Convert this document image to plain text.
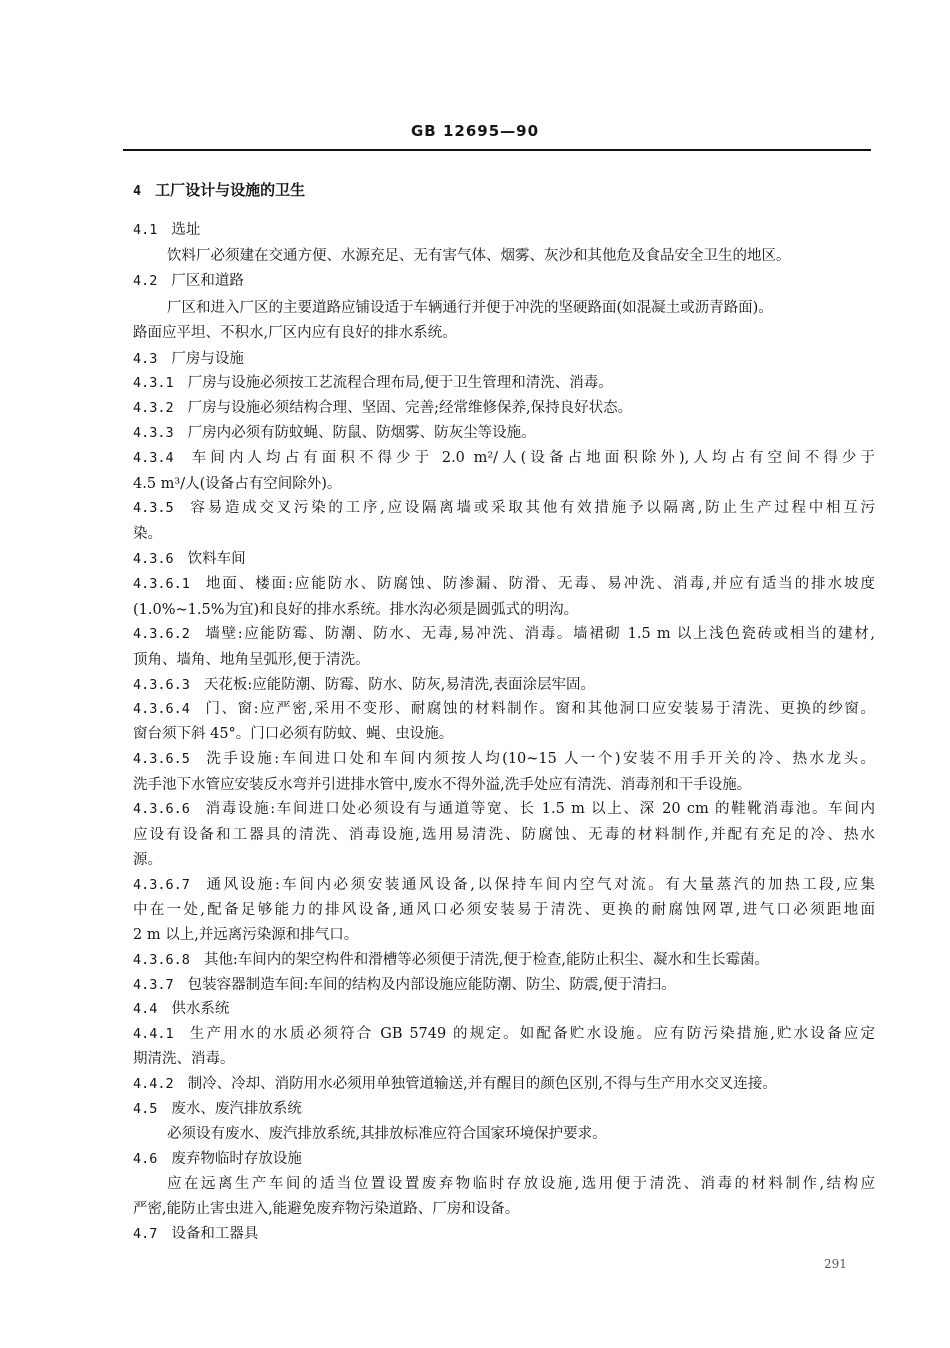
GB 12695—90
4 工厂设计与设施的卫生
4.1 选址
饮料厂必须建在交通方便、水源充足、无有害气体、烟雾、灰沙和其他危及食品安全卫生的地区。
4.2 厂区和道路
厂区和进入厂区的主要道路应铺设适于车辆通行并便于冲洗的坚硬路面(如混凝土或沥青路面)。
路面应平坦、不积水,厂区内应有良好的排水系统。
4.3 厂房与设施
4.3.1 厂房与设施必须按工艺流程合理布局,便于卫生管理和清洗、消毒。
4.3.2 厂房与设施必须结构合理、坚固、完善;经常维修保养,保持良好状态。
4.3.3 厂房内必须有防蚊蝇、防鼠、防烟雾、防灰尘等设施。
4.3.4 车间内人均占有面积不得少于 2.0 m²/人(设备占地面积除外),人均占有空间不得少于
4.5 m³/人(设备占有空间除外)。
4.3.5 容易造成交叉污染的工序,应设隔离墙或采取其他有效措施予以隔离,防止生产过程中相互污
染。
4.3.6 饮料车间
4.3.6.1 地面、楼面:应能防水、防腐蚀、防渗漏、防滑、无毒、易冲洗、消毒,并应有适当的排水坡度
(1.0%~1.5%为宜)和良好的排水系统。排水沟必须是圆弧式的明沟。
4.3.6.2 墙壁:应能防霉、防潮、防水、无毒,易冲洗、消毒。墙裙砌 1.5 m 以上浅色瓷砖或相当的建材,
顶角、墙角、地角呈弧形,便于清洗。
4.3.6.3 天花板:应能防潮、防霉、防水、防灰,易清洗,表面涂层牢固。
4.3.6.4 门、窗:应严密,采用不变形、耐腐蚀的材料制作。窗和其他洞口应安装易于清洗、更换的纱窗。
窗台须下斜 45°。门口必须有防蚊、蝇、虫设施。
4.3.6.5 洗手设施:车间进口处和车间内须按人均(10~15 人一个)安装不用手开关的冷、热水龙头。
洗手池下水管应安装反水弯并引进排水管中,废水不得外溢,洗手处应有清洗、消毒剂和干手设施。
4.3.6.6 消毒设施:车间进口处必须设有与通道等宽、长 1.5 m 以上、深 20 cm 的鞋靴消毒池。车间内
应设有设备和工器具的清洗、消毒设施,选用易清洗、防腐蚀、无毒的材料制作,并配有充足的冷、热水
源。
4.3.6.7 通风设施:车间内必须安装通风设备,以保持车间内空气对流。有大量蒸汽的加热工段,应集
中在一处,配备足够能力的排风设备,通风口必须安装易于清洗、更换的耐腐蚀网罩,进气口必须距地面
2 m 以上,并远离污染源和排气口。
4.3.6.8 其他:车间内的架空构件和滑槽等必须便于清洗,便于检查,能防止积尘、凝水和生长霉菌。
4.3.7 包装容器制造车间:车间的结构及内部设施应能防潮、防尘、防震,便于清扫。
4.4 供水系统
4.4.1 生产用水的水质必须符合 GB 5749 的规定。如配备贮水设施。应有防污染措施,贮水设备应定
期清洗、消毒。
4.4.2 制冷、冷却、消防用水必须用单独管道输送,并有醒目的颜色区别,不得与生产用水交叉连接。
4.5 废水、废汽排放系统
必须设有废水、废汽排放系统,其排放标准应符合国家环境保护要求。
4.6 废弃物临时存放设施
应在远离生产车间的适当位置设置废弃物临时存放设施,选用便于清洗、消毒的材料制作,结构应
严密,能防止害虫进入,能避免废弃物污染道路、厂房和设备。
4.7 设备和工器具
291
